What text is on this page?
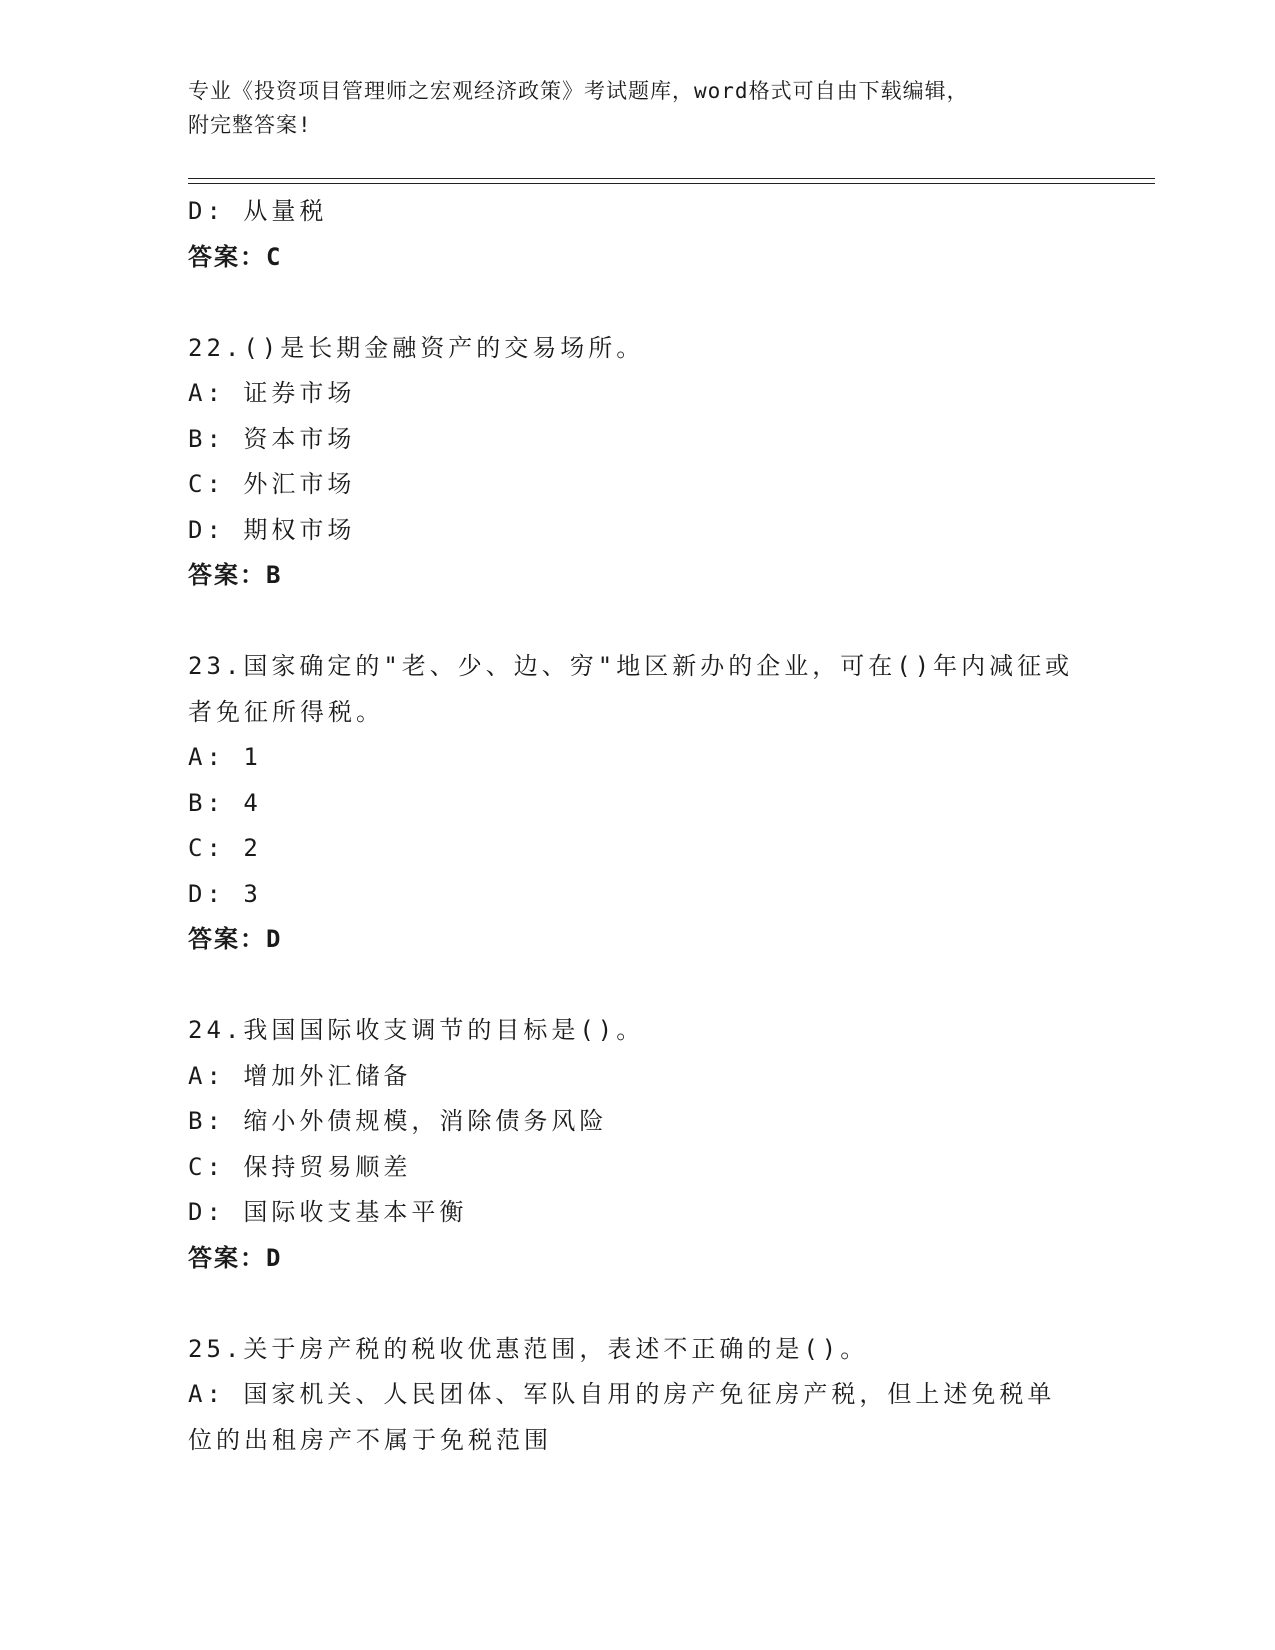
专业《投资项目管理师之宏观经济政策》考试题库，word格式可自由下载编辑，
附完整答案!
D: 从量税
答案：C
22.()是长期金融资产的交易场所。
A: 证券市场
B: 资本市场
C: 外汇市场
D: 期权市场
答案：B
23.国家确定的"老、少、边、穷"地区新办的企业，可在()年内减征或
者免征所得税。
A: 1
B: 4
C: 2
D: 3
答案：D
24.我国国际收支调节的目标是()。
A: 增加外汇储备
B: 缩小外债规模，消除债务风险
C: 保持贸易顺差
D: 国际收支基本平衡
答案：D
25.关于房产税的税收优惠范围，表述不正确的是()。
A: 国家机关、人民团体、军队自用的房产免征房产税，但上述免税单
位的出租房产不属于免税范围
